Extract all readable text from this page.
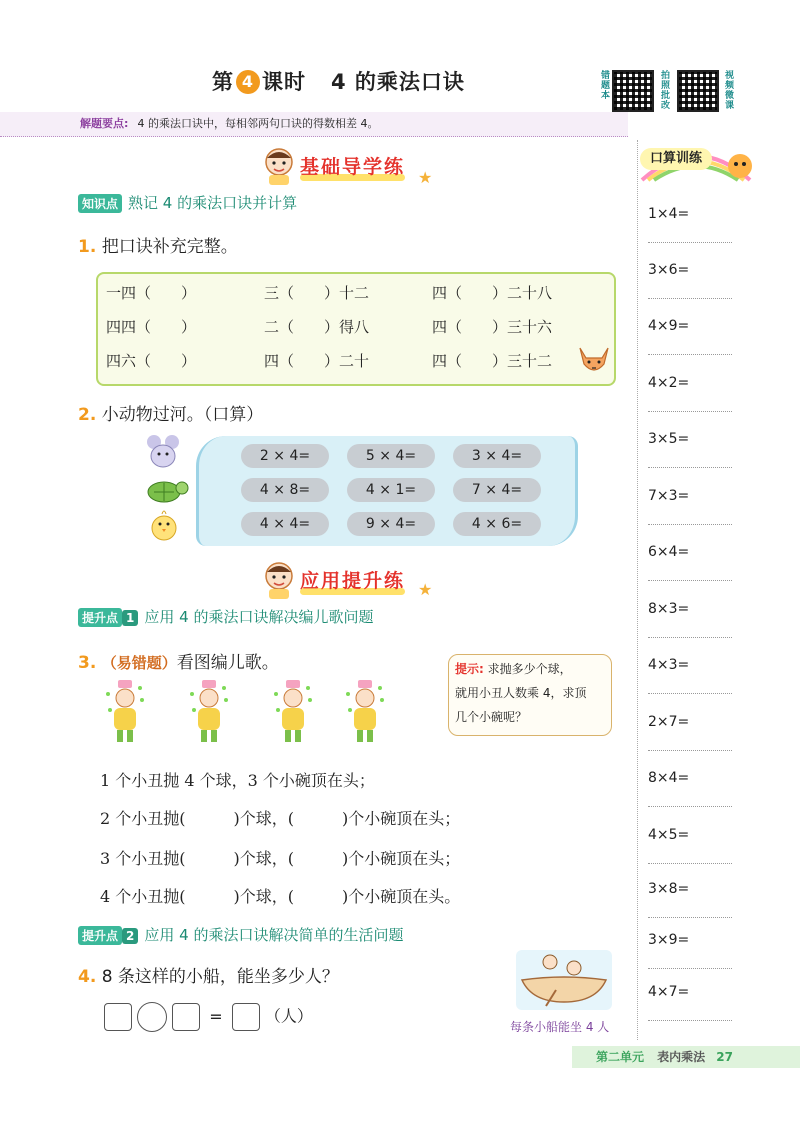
第 4 课时 4 的乘法口诀	错题本	拍照批改	视频微课
解题要点: 4 的乘法口诀中，每相邻两句口诀的得数相差 4。
基础导学练 ★
知识点 熟记 4 的乘法口诀并计算
1. 把口诀补充完整。
一四（　　）	三（　　）十二	四（　　）二十八
四四（　　）	二（　　）得八	四（　　）三十六
四六（　　）	四（　　）二十	四（　　）三十二
2. 小动物过河。（口算）
2 × 4=	5 × 4=	3 × 4=
4 × 8=	4 × 1=	7 × 4=
4 × 4=	9 × 4=	4 × 6=
应用提升练 ★
提升点 1 应用 4 的乘法口诀解决编儿歌问题
3. （易错题）看图编儿歌。	提示: 求抛多少个球，
就用小丑人数乘 4，求顶
几个小碗呢？
1 个小丑抛 4 个球，3 个小碗顶在头；
2 个小丑抛(　　　)个球，(　　　)个小碗顶在头；
3 个小丑抛(　　　)个球，(　　　)个小碗顶在头；
4 个小丑抛(　　　)个球，(　　　)个小碗顶在头。
提升点 2 应用 4 的乘法口诀解决简单的生活问题
4. 8 条这样的小船，能坐多少人？
=	（人）
每条小船能坐 4 人
口算训练
1×4=
3×6=
4×9=
4×2=
3×5=
7×3=
6×4=
8×3=
4×3=
2×7=
8×4=
4×5=
3×8=
3×9=
4×7=
第二单元 表内乘法 27
